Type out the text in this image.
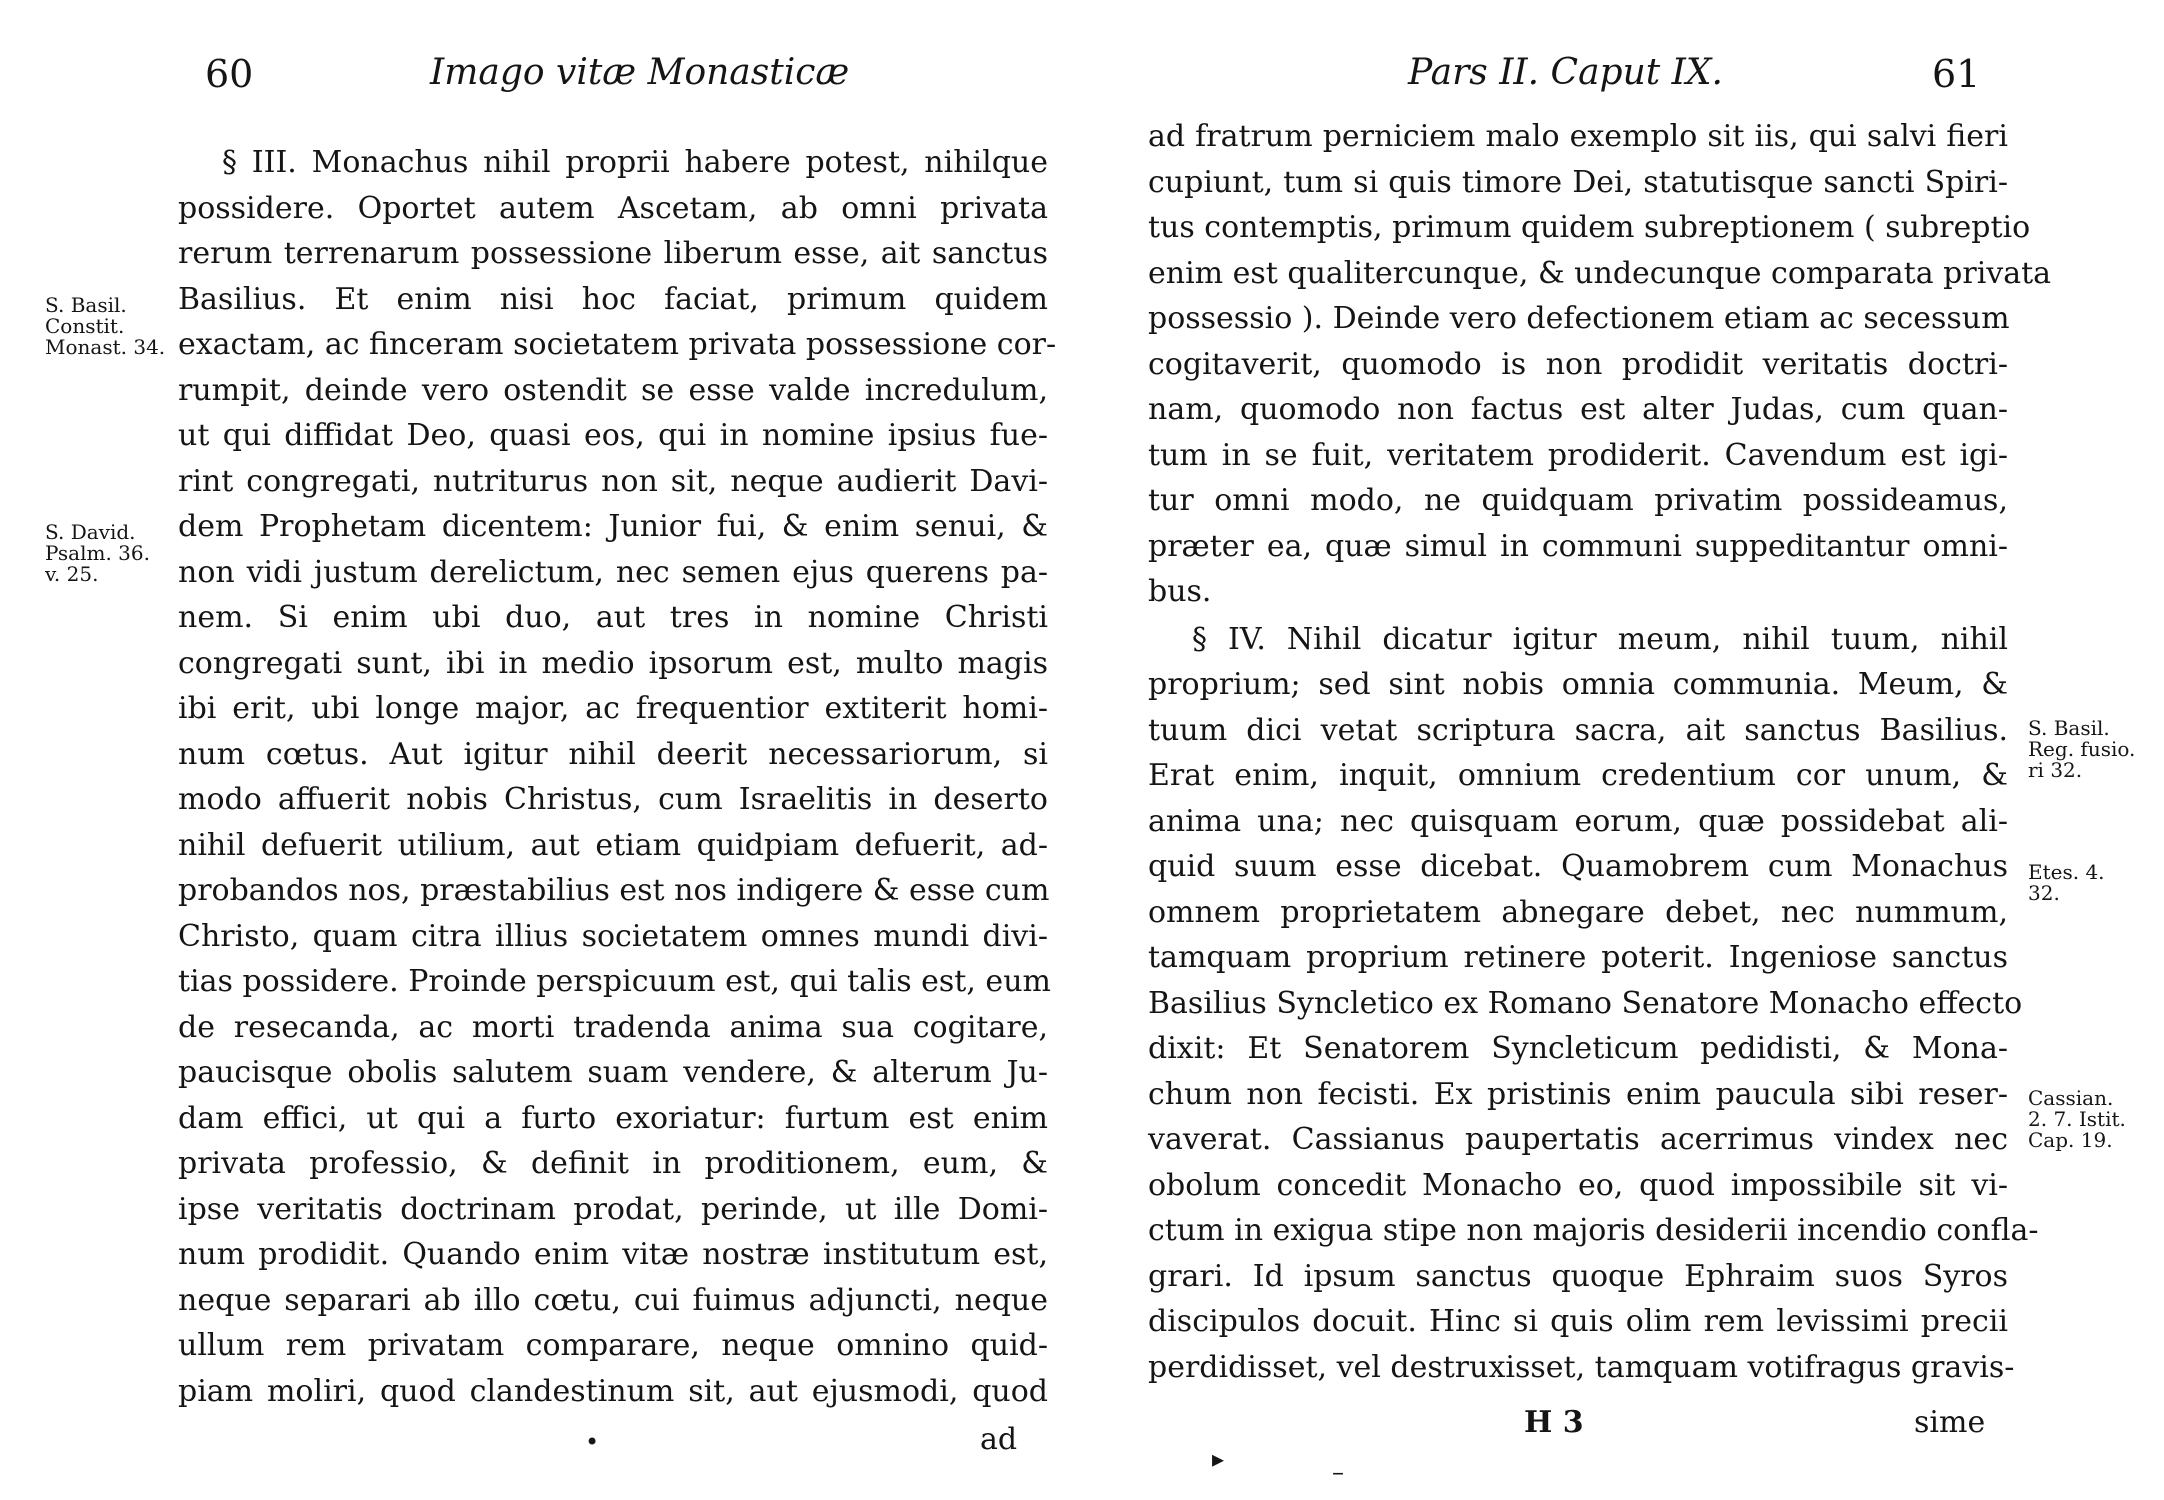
60	Imago vitæ Monasticæ
§ III. Monachus nihil proprii habere potest, nihilque
possidere. Oportet autem Ascetam, ab omni privata
rerum terrenarum possessione liberum esse, ait sanctus
Basilius. Et enim nisi hoc faciat, primum quidem
exactam, ac finceram societatem privata possessione cor-
rumpit, deinde vero ostendit se esse valde incredulum,
ut qui diffidat Deo, quasi eos, qui in nomine ipsius fue-
rint congregati, nutriturus non sit, neque audierit Davi-
dem Prophetam dicentem: Junior fui, & enim senui, &
non vidi justum derelictum, nec semen ejus querens pa-
nem. Si enim ubi duo, aut tres in nomine Christi
congregati sunt, ibi in medio ipsorum est, multo magis
ibi erit, ubi longe major, ac frequentior extiterit homi-
num cœtus. Aut igitur nihil deerit necessariorum, si
modo affuerit nobis Christus, cum Israelitis in deserto
nihil defuerit utilium, aut etiam quidpiam defuerit, ad-
probandos nos, præstabilius est nos indigere & esse cum
Christo, quam citra illius societatem omnes mundi divi-
tias possidere. Proinde perspicuum est, qui talis est, eum
de resecanda, ac morti tradenda anima sua cogitare,
paucisque obolis salutem suam vendere, & alterum Ju-
dam effici, ut qui a furto exoriatur: furtum est enim
privata professio, & definit in proditionem, eum, &
ipse veritatis doctrinam prodat, perinde, ut ille Domi-
num prodidit. Quando enim vitæ nostræ institutum est,
neque separari ab illo cœtu, cui fuimus adjuncti, neque
ullum rem privatam comparare, neque omnino quid-
piam moliri, quod clandestinum sit, aut ejusmodi, quod
S. Basil.
Constit.
Monast. 34.
S. David.
Psalm. 36.
v. 25.
•	ad
Pars II. Caput IX.	61
ad fratrum perniciem malo exemplo sit iis, qui salvi fieri
cupiunt, tum si quis timore Dei, statutisque sancti Spiri-
tus contemptis, primum quidem subreptionem ( subreptio
enim est qualitercunque, & undecunque comparata privata
possessio ). Deinde vero defectionem etiam ac secessum
cogitaverit, quomodo is non prodidit veritatis doctri-
nam, quomodo non factus est alter Judas, cum quan-
tum in se fuit, veritatem prodiderit. Cavendum est igi-
tur omni modo, ne quidquam privatim possideamus,
præter ea, quæ simul in communi suppeditantur omni-
bus.
§ IV. Nihil dicatur igitur meum, nihil tuum, nihil
proprium; sed sint nobis omnia communia. Meum, &
tuum dici vetat scriptura sacra, ait sanctus Basilius.
Erat enim, inquit, omnium credentium cor unum, &
anima una; nec quisquam eorum, quæ possidebat ali-
quid suum esse dicebat. Quamobrem cum Monachus
omnem proprietatem abnegare debet, nec nummum,
tamquam proprium retinere poterit. Ingeniose sanctus
Basilius Syncletico ex Romano Senatore Monacho effecto
dixit: Et Senatorem Syncleticum pedidisti, & Mona-
chum non fecisti. Ex pristinis enim paucula sibi reser-
vaverat. Cassianus paupertatis acerrimus vindex nec
obolum concedit Monacho eo, quod impossibile sit vi-
ctum in exigua stipe non majoris desiderii incendio confla-
grari. Id ipsum sanctus quoque Ephraim suos Syros
discipulos docuit. Hinc si quis olim rem levissimi precii
perdidisset, vel destruxisset, tamquam votifragus gravis-
S. Basil.
Reg. fusio.
ri 32.
Etes. 4.
32.
Cassian.
2. 7. Istit.
Cap. 19.
H 3	sime
▸	–
